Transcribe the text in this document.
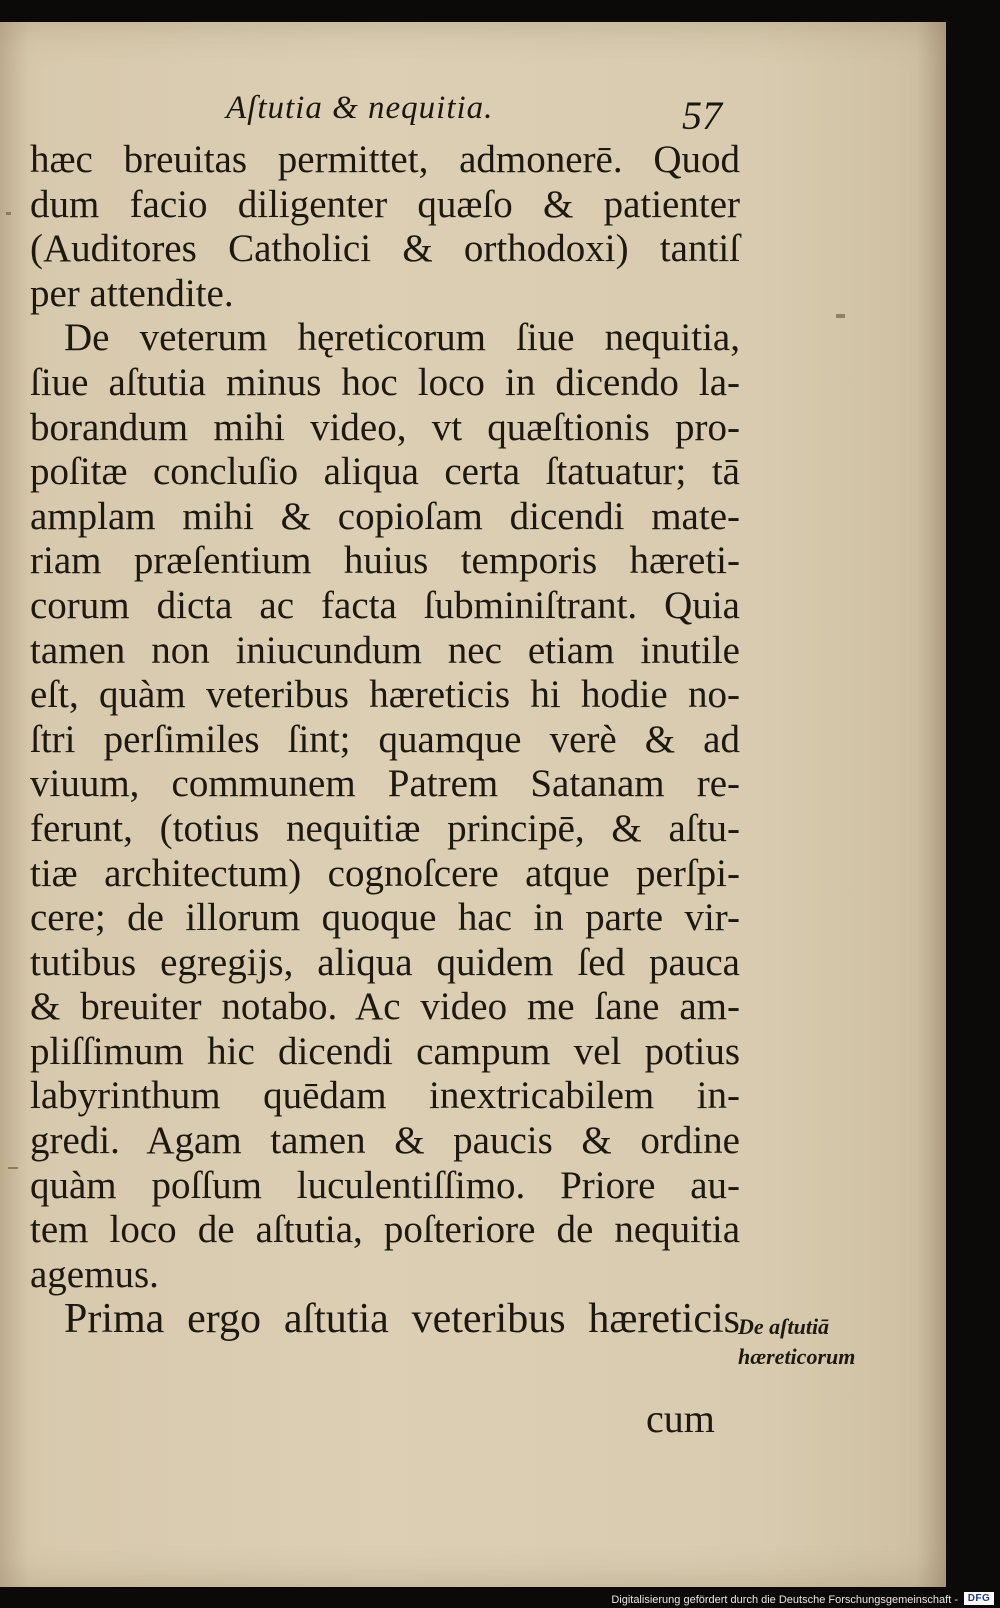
Aſtutia & nequitia.	57
hæc breuitas permittet, admonerē. Quod
dum facio diligenter quæſo & patienter
(Auditores Catholici & orthodoxi) tantiſ
per attendite.
De veterum hęreticorum ſiue nequitia,
ſiue aſtutia minus hoc loco in dicendo la-
borandum mihi video, vt quæſtionis pro-
poſitæ concluſio aliqua certa ſtatuatur; tā
amplam mihi & copioſam dicendi mate-
riam præſentium huius temporis hæreti-
corum dicta ac facta ſubminiſtrant. Quia
tamen non iniucundum nec etiam inutile
eſt, quàm veteribus hæreticis hi hodie no-
ſtri perſimiles ſint; quamque verè & ad
viuum, communem Patrem Satanam re-
ferunt, (totius nequitiæ principē, & aſtu-
tiæ architectum) cognoſcere atque perſpi-
cere; de illorum quoque hac in parte vir-
tutibus egregijs, aliqua quidem ſed pauca
& breuiter notabo. Ac video me ſane am-
pliſſimum hic dicendi campum vel potius
labyrinthum quēdam inextricabilem in-
gredi. Agam tamen & paucis & ordine
quàm poſſum luculentiſſimo. Priore au-
tem loco de aſtutia, poſteriore de nequitia
agemus.
Prima ergo aſtutia veteribus hæreticis
De aſtutiā
hæreticorum
cum
Digitalisierung gefördert durch die Deutsche Forschungsgemeinschaft - DFG
